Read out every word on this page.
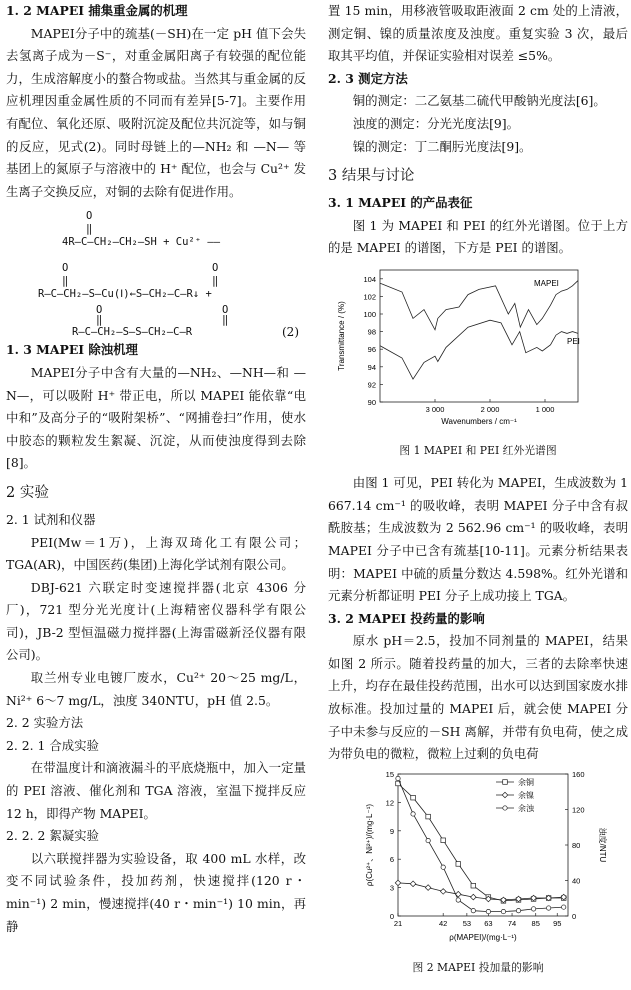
1. 2 MAPEI 捕集重金属的机理

MAPEI分子中的巯基(－SH)在一定 pH 值下会失去氢离子成为－S⁻，对重金属阳离子有较强的配位能力，生成溶解度小的螯合物或盐。当然其与重金属的反应机理因重金属性质的不同而有差异[5-7]。主要作用有配位、氧化还原、吸附沉淀及配位共沉淀等，如与铜的反应，见式(2)。同时母链上的—NH₂ 和 —N— 等基团上的氮原子与溶液中的 H⁺ 配位，也会与 Cu²⁺ 发生离子交换反应，对铜的去除有促进作用。

O
‖
4R—C—CH₂—CH₂—SH + Cu²⁺ ——
O
‖
O
‖
R—C—CH₂—S—Cu(Ⅰ)←S—CH₂—C—R↓ +
O
‖
O
‖
R—C—CH₂—S—S—CH₂—C—R	(2)

1. 3 MAPEI 除浊机理

MAPEI分子中含有大量的—NH₂、—NH—和 —N—，可以吸附 H⁺ 带正电，所以 MAPEI 能依靠“电中和”及高分子的“吸附架桥”、“网捕卷扫”作用，使水中胶态的颗粒发生絮凝、沉淀，从而使浊度得到去除[8]。

2 实验

2. 1 试剂和仪器

PEI(Mw＝1万)，上海双琦化工有限公司；TGA(AR)，中国医药(集团)上海化学试剂有限公司。

DBJ-621 六联定时变速搅拌器(北京 4306 分厂)，721 型分光光度计(上海精密仪器科学有限公司)，JB-2 型恒温磁力搅拌器(上海雷磁新泾仪器有限公司)。

取兰州专业电镀厂废水，Cu²⁺ 20～25 mg/L，Ni²⁺ 6～7 mg/L，浊度 340NTU，pH 值 2.5。

2. 2 实验方法

2. 2. 1 合成实验

在带温度计和滴液漏斗的平底烧瓶中，加入一定量的 PEI 溶液、催化剂和 TGA 溶液，室温下搅拌反应 12 h，即得产物 MAPEI。

2. 2. 2 絮凝实验

以六联搅拌器为实验设备，取 400 mL 水样，改变不同试验条件，投加药剂，快速搅拌(120 r・min⁻¹) 2 min，慢速搅拌(40 r・min⁻¹) 10 min，再静

置 15 min，用移液管吸取距液面 2 cm 处的上清液，测定铜、镍的质量浓度及浊度。重复实验 3 次，最后取其平均值，并保证实验相对误差 ≤5%。

2. 3 测定方法

铜的测定：二乙氨基二硫代甲酸钠光度法[6]。

浊度的测定：分光光度法[9]。

镍的测定：丁二酮肟光度法[9]。

3 结果与讨论

3. 1 MAPEI 的产品表征

图 1 为 MAPEI 和 PEI 的红外光谱图。位于上方的是 MAPEI 的谱图，下方是 PEI 的谱图。

90
92
94
96
98
100
102
104
3 000	2 000	1 000
Wavenumbers / cm⁻¹
Transmittance / (%)
MAPEI
PEI

图 1 MAPEI 和 PEI 红外光谱图

由图 1 可见，PEI 转化为 MAPEI，生成波数为 1 667.14 cm⁻¹ 的吸收峰，表明 MAPEI 分子中含有叔酰胺基；生成波数为 2 562.96 cm⁻¹ 的吸收峰，表明 MAPEI 分子中已含有巯基[10-11]。元素分析结果表明：MAPEI 中硫的质量分数达 4.598%。红外光谱和元素分析都证明 PEI 分子上成功接上 TGA。

3. 2 MAPEI 投药量的影响

原水 pH＝2.5，投加不同剂量的 MAPEI，结果如图 2 所示。随着投药量的加大，三者的去除率快速上升，均存在最佳投药范围，出水可以达到国家废水排放标准。投加过量的 MAPEI 后，就会使 MAPEI 分子中未参与反应的－SH 离解，并带有负电荷，使之成为带负电的微粒，微粒上过剩的负电荷

0
3
6
9
12
15
0
40
80
120
160
21	42 53 63 74 85 95
ρ(MAPEI)/(mg·L⁻¹)
ρ(Cu²⁺、Ni²⁺)/(mg·L⁻¹)	浊度/NTU
余铜
余镍
余浊

图 2 MAPEI 投加量的影响
